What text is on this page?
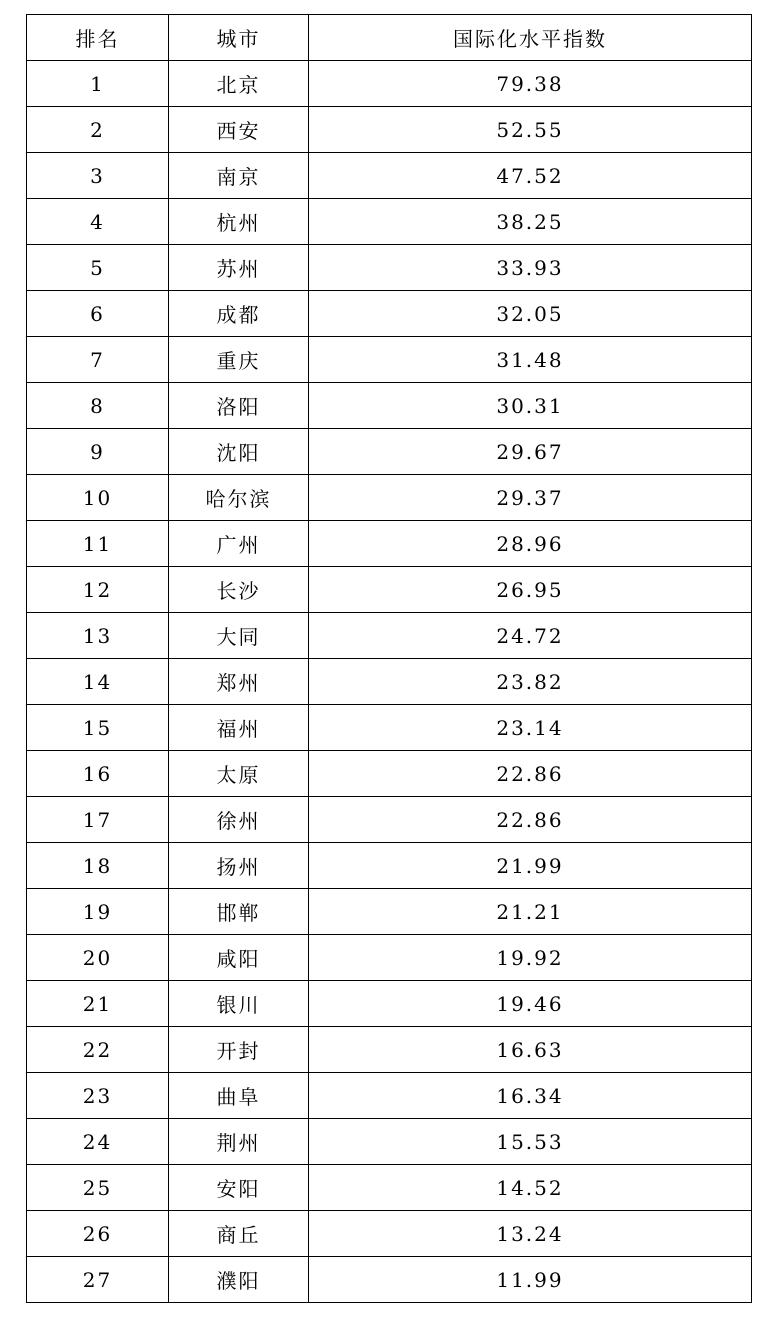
排名	城市	国际化水平指数
1	北京	79.38
2	西安	52.55
3	南京	47.52
4	杭州	38.25
5	苏州	33.93
6	成都	32.05
7	重庆	31.48
8	洛阳	30.31
9	沈阳	29.67
10	哈尔滨	29.37
11	广州	28.96
12	长沙	26.95
13	大同	24.72
14	郑州	23.82
15	福州	23.14
16	太原	22.86
17	徐州	22.86
18	扬州	21.99
19	邯郸	21.21
20	咸阳	19.92
21	银川	19.46
22	开封	16.63
23	曲阜	16.34
24	荆州	15.53
25	安阳	14.52
26	商丘	13.24
27	濮阳	11.99
